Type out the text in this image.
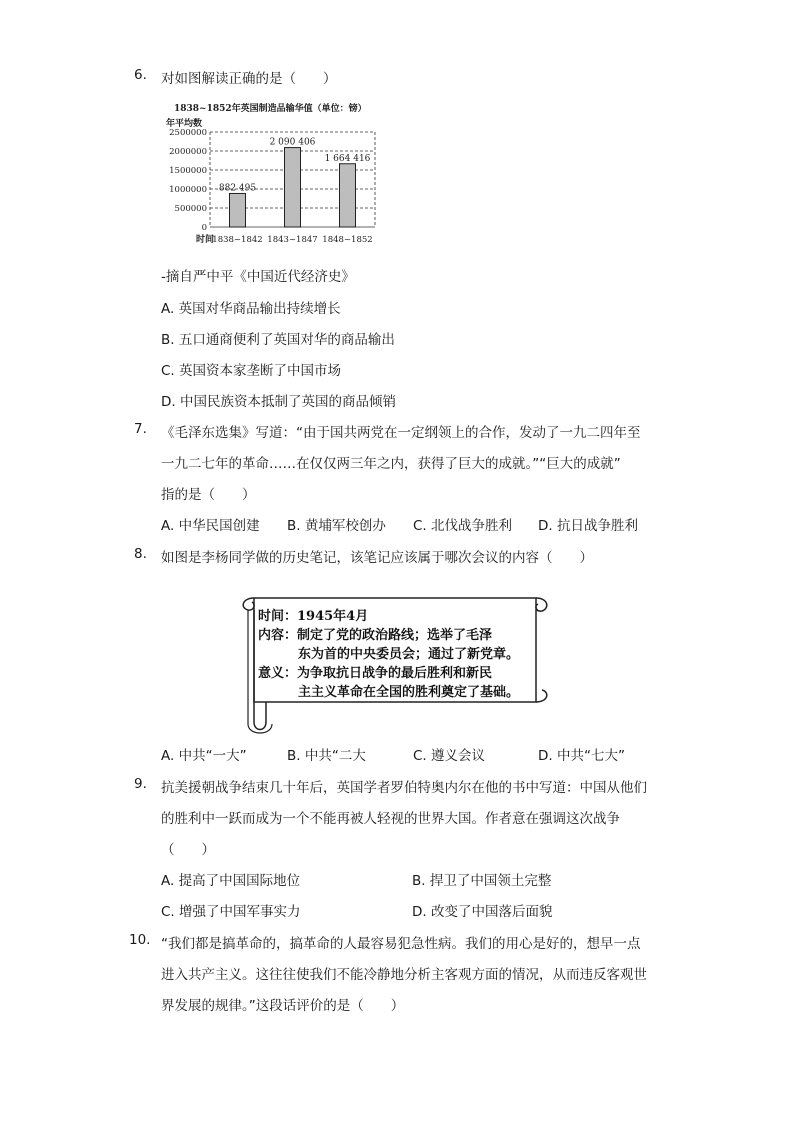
6. 对如图解读正确的是（　　）
1838~1852年英国制造品输华值（单位：镑）
年平均数
0
500000
1000000
1500000
2000000
2500000
882 495
2 090 406
1 664 416
1838~1842 1843~1847 1848~1852
时间
-摘自严中平《中国近代经济史》
A. 英国对华商品输出持续增长
B. 五口通商便利了英国对华的商品输出
C. 英国资本家垄断了中国市场
D. 中国民族资本抵制了英国的商品倾销
7. 《毛泽东选集》写道：“由于国共两党在一定纲领上的合作，发动了一九二四年至
一九二七年的革命……在仅仅两三年之内，获得了巨大的成就。”“巨大的成就”
指的是（　　）
A. 中华民国创建 B. 黄埔军校创办 C. 北伐战争胜利 D. 抗日战争胜利
8. 如图是李杨同学做的历史笔记，该笔记应该属于哪次会议的内容（　　）
时间：1945年4月
内容：制定了党的政治路线；选举了毛泽
东为首的中央委员会；通过了新党章。
意义：为争取抗日战争的最后胜利和新民
主主义革命在全国的胜利奠定了基础。
A. 中共“一大”	B. 中共“二大	C. 遵义会议	D. 中共“七大”
9. 抗美援朝战争结束几十年后，英国学者罗伯特奥内尔在他的书中写道：中国从他们
的胜利中一跃而成为一个不能再被人轻视的世界大国。作者意在强调这次战争
（　　）
A. 提高了中国国际地位	B. 捍卫了中国领土完整
C. 增强了中国军事实力	D. 改变了中国落后面貌
10. “我们都是搞革命的，搞革命的人最容易犯急性病。我们的用心是好的，想早一点
进入共产主义。这往往使我们不能冷静地分析主客观方面的情况，从而违反客观世
界发展的规律。”这段话评价的是（　　）
